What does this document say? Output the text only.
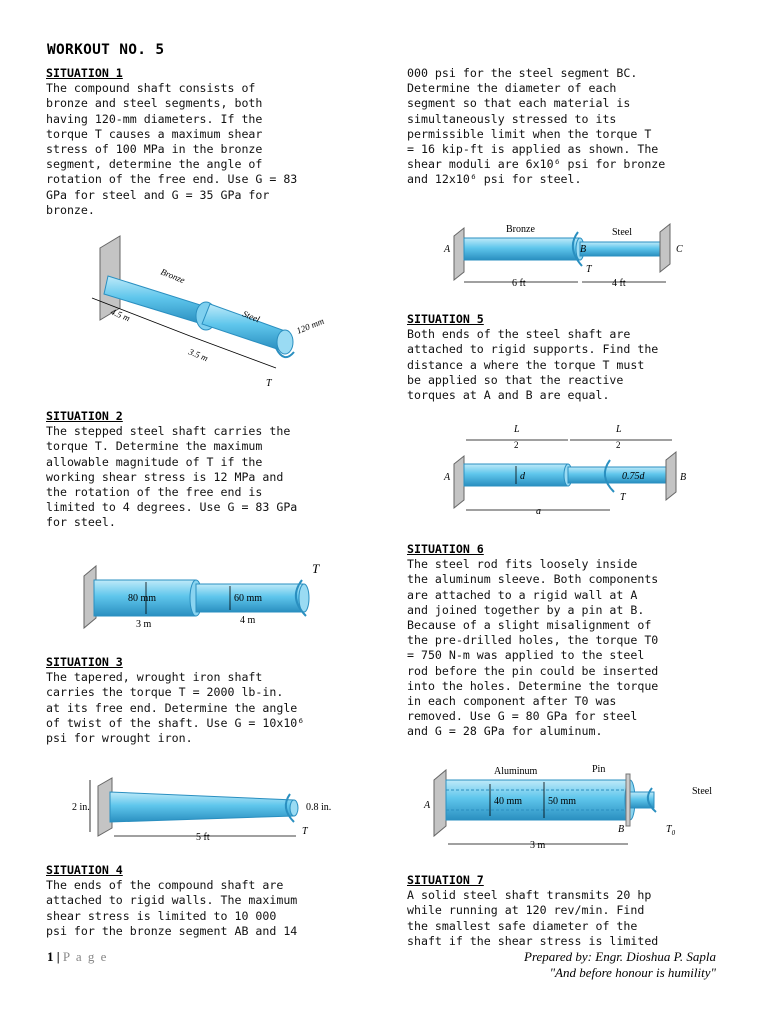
WORKOUT NO. 5
SITUATION 1
The compound shaft consists of
bronze and steel segments, both
having 120-mm diameters. If the
torque T causes a maximum shear
stress of 100 MPa in the bronze
segment, determine the angle of
rotation of the free end. Use G = 83
GPa for steel and G = 35 GPa for
bronze.
Bronze
Steel
4.5 m
3.5 m
120 mm
T
SITUATION 2
The stepped steel shaft carries the
torque T. Determine the maximum
allowable magnitude of T if the
working shear stress is 12 MPa and
the rotation of the free end is
limited to 4 degrees. Use G = 83 GPa
for steel.
80 mm	60 mm
3 m	4 m
T
SITUATION 3
The tapered, wrought iron shaft
carries the torque T = 2000 lb-in.
at its free end. Determine the angle
of twist of the shaft. Use G = 10x10⁶
psi for wrought iron.
2 in.	0.8 in.
5 ft
T
SITUATION 4
The ends of the compound shaft are
attached to rigid walls. The maximum
shear stress is limited to 10 000
psi for the bronze segment AB and 14
000 psi for the steel segment BC.
Determine the diameter of each
segment so that each material is
simultaneously stressed to its
permissible limit when the torque T
= 16 kip-ft is applied as shown. The
shear moduli are 6x10⁶ psi for bronze
and 12x10⁶ psi for steel.
A	C
Bronze	Steel
B
T
6 ft	4 ft
SITUATION 5
Both ends of the steel shaft are
attached to rigid supports. Find the
distance a where the torque T must
be applied so that the reactive
torques at A and B are equal.
L
2
L
2
A	B
d	0.75d
T
a
SITUATION 6
The steel rod fits loosely inside
the aluminum sleeve. Both components
are attached to a rigid wall at A
and joined together by a pin at B.
Because of a slight misalignment of
the pre-drilled holes, the torque T0
= 750 N-m was applied to the steel
rod before the pin could be inserted
into the holes. Determine the torque
in each component after T0 was
removed. Use G = 80 GPa for steel
and G = 28 GPa for aluminum.
Aluminum	Pin
Steel
A	40 mm	50 mm
B	$T_0$
3 m
SITUATION 7
A solid steel shaft transmits 20 hp
while running at 120 rev/min. Find
the smallest safe diameter of the
shaft if the shear stress is limited
1 | P a g e	Prepared by: Engr. Dioshua P. Sapla
"And before honour is humility"
